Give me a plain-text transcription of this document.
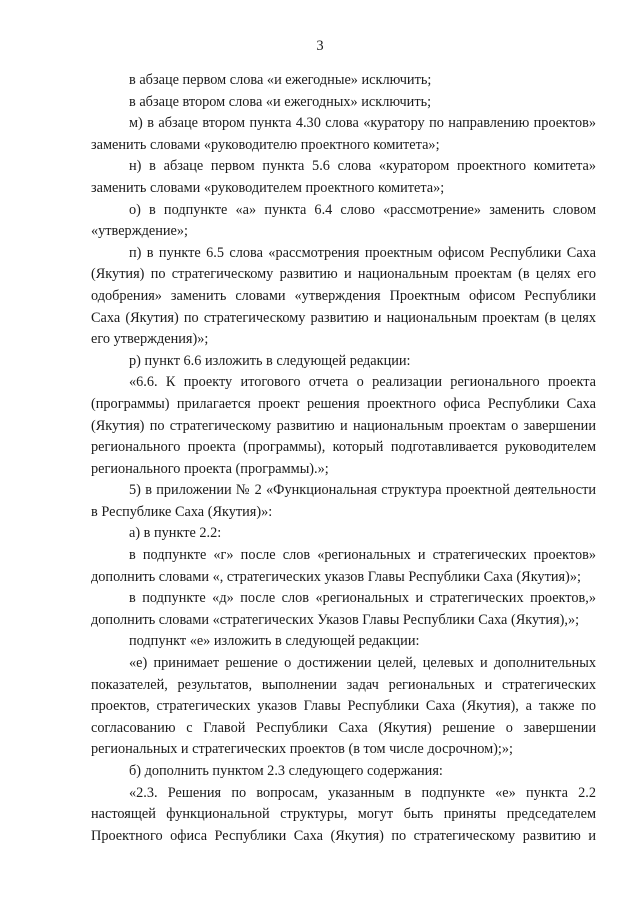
3

в абзаце первом слова «и ежегодные» исключить;

в абзаце втором слова «и ежегодных» исключить;

м) в абзаце втором пункта 4.30 слова «куратору по направлению проектов» заменить словами «руководителю проектного комитета»;

н) в абзаце первом пункта 5.6 слова «куратором проектного комитета» заменить словами «руководителем проектного комитета»;

о) в подпункте «а» пункта 6.4 слово «рассмотрение» заменить словом «утверждение»;

п) в пункте 6.5 слова «рассмотрения проектным офисом Республики Саха (Якутия) по стратегическому развитию и национальным проектам (в целях его одобрения» заменить словами «утверждения Проектным офисом Республики Саха (Якутия) по стратегическому развитию и национальным проектам (в целях его утверждения)»;

р) пункт 6.6 изложить в следующей редакции:

«6.6. К проекту итогового отчета о реализации регионального проекта (программы) прилагается проект решения проектного офиса Республики Саха (Якутия) по стратегическому развитию и национальным проектам о завершении регионального проекта (программы), который подготавливается руководителем регионального проекта (программы).»;

5) в приложении № 2 «Функциональная структура проектной деятельности в Республике Саха (Якутия)»:

а) в пункте 2.2:

в подпункте «г» после слов «региональных и стратегических проектов» дополнить словами «, стратегических указов Главы Республики Саха (Якутия)»;

в подпункте «д» после слов «региональных и стратегических проектов,» дополнить словами «стратегических Указов Главы Республики Саха (Якутия),»;

подпункт «е» изложить в следующей редакции:

«е) принимает решение о достижении целей, целевых и дополнительных показателей, результатов, выполнении задач региональных и стратегических проектов, стратегических указов Главы Республики Саха (Якутия), а также по согласованию с Главой Республики Саха (Якутия) решение о завершении региональных и стратегических проектов (в том числе досрочном);»;

б) дополнить пунктом 2.3 следующего содержания:

«2.3. Решения по вопросам, указанным в подпункте «е» пункта 2.2 настоящей функциональной структуры, могут быть приняты председателем Проектного офиса Республики Саха (Якутия) по стратегическому развитию и
